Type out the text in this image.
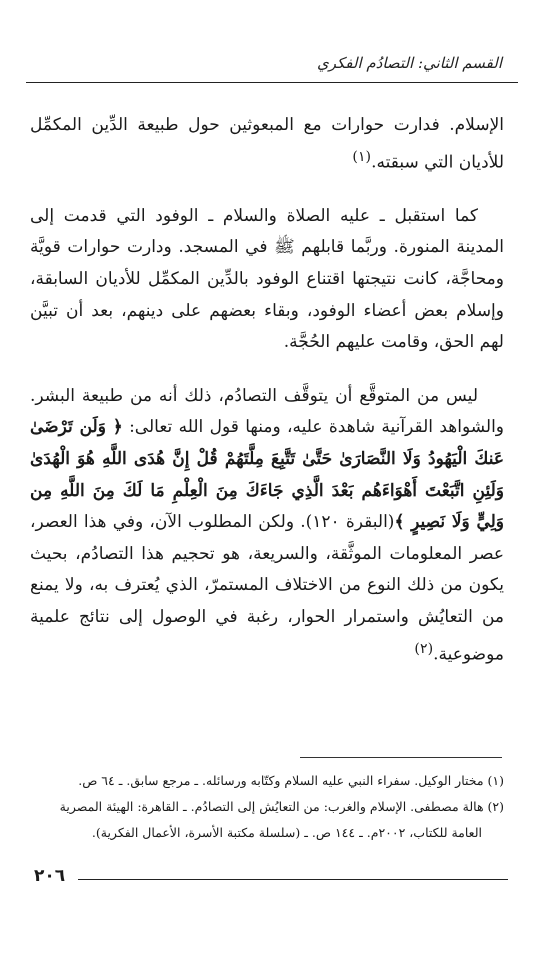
القسم الثاني: التصادُم الفكري

الإسلام. فدارت حوارات مع المبعوثين حول طبيعة الدِّين المكمِّل للأديان التي سبقته.$^{(١)}$

كما استقبل ـ عليه الصلاة والسلام ـ الوفود التي قدمت إلى المدينة المنورة. وربَّما قابلهم ﷺ في المسجد. ودارت حوارات قويَّة ومحاجَّة، كانت نتيجتها اقتناع الوفود بالدِّين المكمِّل للأديان السابقة، وإسلام بعض أعضاء الوفود، وبقاء بعضهم على دينهم، بعد أن تبيَّن لهم الحق، وقامت عليهم الحُجَّة.

ليس من المتوقَّع أن يتوقَّف التصادُم، ذلك أنه من طبيعة البشر. والشواهد القرآنية شاهدة عليه، ومنها قول الله تعالى: ﴿ وَلَن تَرْضَىٰ عَنكَ الْيَهُودُ وَلَا النَّصَارَىٰ حَتَّىٰ تَتَّبِعَ مِلَّتَهُمْ قُلْ إِنَّ هُدَى اللَّهِ هُوَ الْهُدَىٰ وَلَئِنِ اتَّبَعْتَ أَهْوَاءَهُم بَعْدَ الَّذِي جَاءَكَ مِنَ الْعِلْمِ مَا لَكَ مِنَ اللَّهِ مِن وَلِيٍّ وَلَا نَصِيرٍ ﴾(البقرة ١٢٠). ولكن المطلوب الآن، وفي هذا العصر، عصر المعلومات الموثَّقة، والسريعة، هو تحجيم هذا التصادُم، بحيث يكون من ذلك النوع من الاختلاف المستمرّ، الذي يُعترف به، ولا يمنع من التعايُش واستمرار الحوار، رغبة في الوصول إلى نتائج علمية موضوعية.$^{(٢)}$

(١) مختار الوكيل. سفراء النبي عليه السلام وكتّابه ورسائله. ـ مرجع سابق. ـ ٦٤ ص.

(٢) هالة مصطفى. الإسلام والغرب: من التعايُش إلى التصادُم. ـ القاهرة: الهيئة المصرية

العامة للكتاب، ٢٠٠٢م. ـ ١٤٤ ص. ـ (سلسلة مكتبة الأسرة، الأعمال الفكرية).

٢٠٦
